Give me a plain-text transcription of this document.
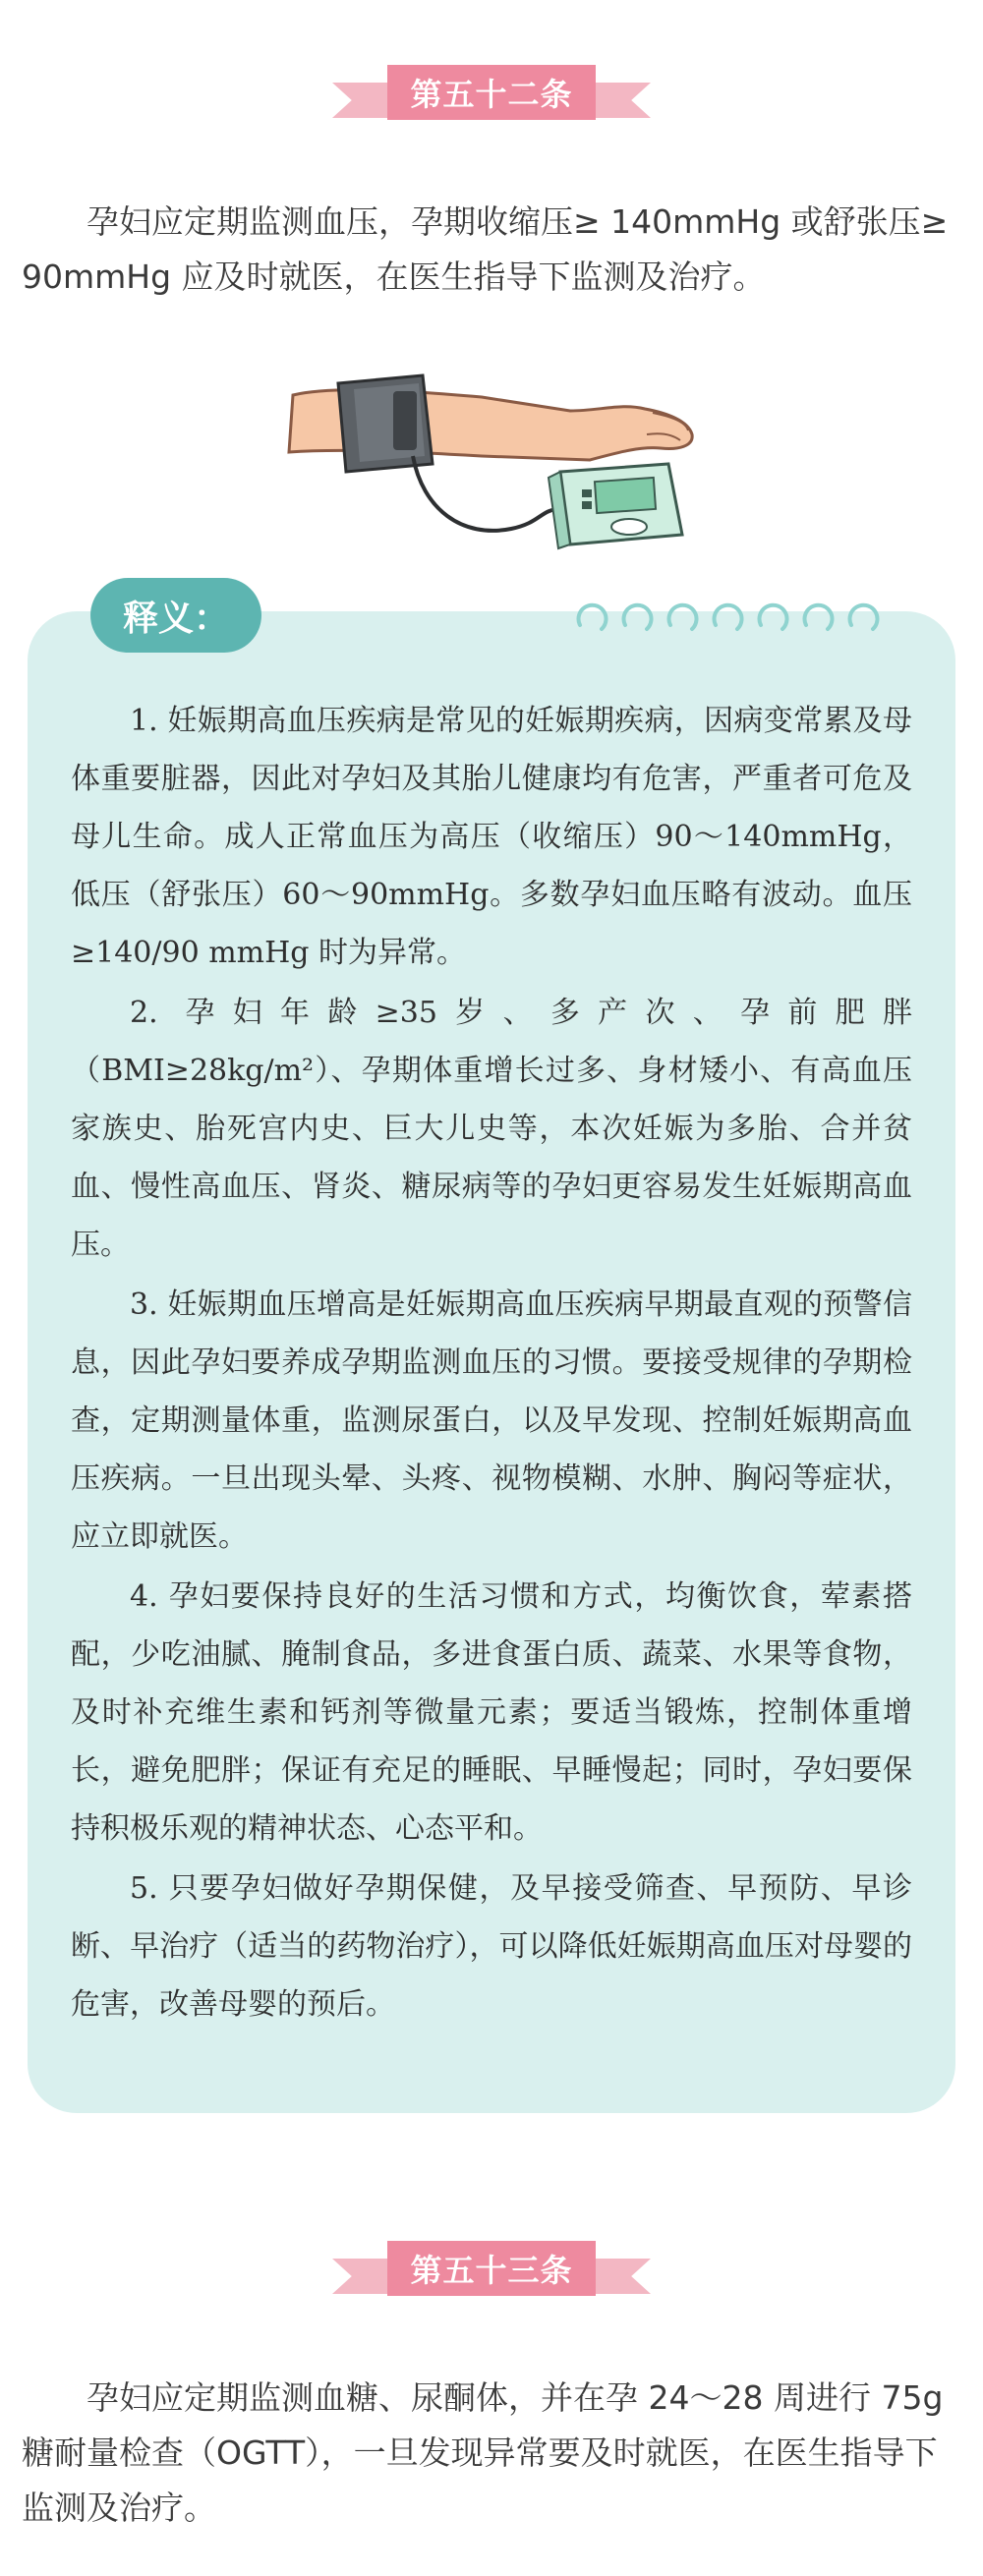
第五十二条

孕妇应定期监测血压，孕期收缩压≥ 140mmHg 或舒张压≥ 90mmHg 应及时就医，在医生指导下监测及治疗。

释义：

1. 妊娠期高血压疾病是常见的妊娠期疾病，因病变常累及母体重要脏器，因此对孕妇及其胎儿健康均有危害，严重者可危及母儿生命。成人正常血压为高压（收缩压）90～140mmHg，低压（舒张压）60～90mmHg。多数孕妇血压略有波动。血压≥140/90 mmHg 时为异常。

2. 孕妇年龄≥35岁、多产次、孕前肥胖（BMI≥28kg/m²）、孕期体重增长过多、身材矮小、有高血压家族史、胎死宫内史、巨大儿史等，本次妊娠为多胎、合并贫血、慢性高血压、肾炎、糖尿病等的孕妇更容易发生妊娠期高血压。

3. 妊娠期血压增高是妊娠期高血压疾病早期最直观的预警信息，因此孕妇要养成孕期监测血压的习惯。要接受规律的孕期检查，定期测量体重，监测尿蛋白，以及早发现、控制妊娠期高血压疾病。一旦出现头晕、头疼、视物模糊、水肿、胸闷等症状，应立即就医。

4. 孕妇要保持良好的生活习惯和方式，均衡饮食，荤素搭配，少吃油腻、腌制食品，多进食蛋白质、蔬菜、水果等食物，及时补充维生素和钙剂等微量元素；要适当锻炼，控制体重增长，避免肥胖；保证有充足的睡眠、早睡慢起；同时，孕妇要保持积极乐观的精神状态、心态平和。

5. 只要孕妇做好孕期保健，及早接受筛查、早预防、早诊断、早治疗（适当的药物治疗），可以降低妊娠期高血压对母婴的危害，改善母婴的预后。

第五十三条

孕妇应定期监测血糖、尿酮体，并在孕 24～28 周进行 75g 糖耐量检查（OGTT），一旦发现异常要及时就医，在医生指导下监测及治疗。
